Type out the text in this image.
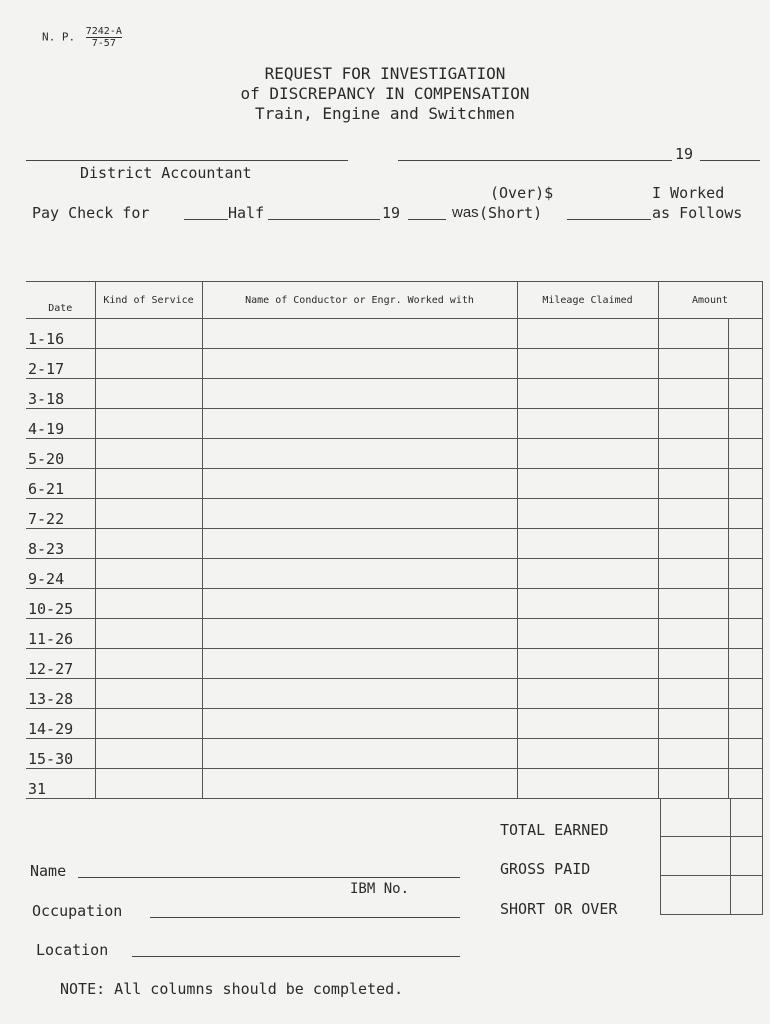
N. P. $\frac{7242-A}{7-57}$
REQUEST FOR INVESTIGATION
of DISCREPANCY IN COMPENSATION
Train, Engine and Switchmen
19
District Accountant
(Over)$	I Worked
Pay Check for	Half	19	was (Short)	as Follows
Date	Kind of Service	Name of Conductor or Engr. Worked with	Mileage Claimed	Amount
1-16				

2-17				

3-18				

4-19				

5-20				

6-21				

7-22				

8-23				

9-24				

10-25				

11-26				

12-27				

13-28				

14-29				

15-30				

31				
TOTAL EARNED
GROSS PAID
SHORT OR OVER
Name
IBM No.
Occupation
Location
NOTE: All columns should be completed.
